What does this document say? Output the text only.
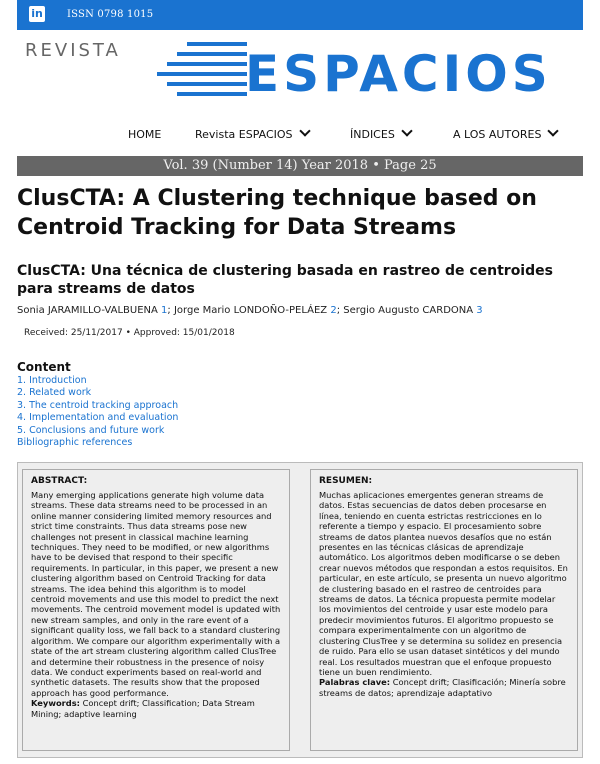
in ISSN 0798 1015
REVISTA ESPACIOS
HOME	Revista ESPACIOS	ÍNDICES	A LOS AUTORES
Vol. 39 (Number 14) Year 2018 • Page 25
ClusCTA: A Clustering technique based on Centroid Tracking for Data Streams
ClusCTA: Una técnica de clustering basada en rastreo de centroides para streams de datos
Sonia JARAMILLO-VALBUENA 1; Jorge Mario LONDOÑO-PELÁEZ 2; Sergio Augusto CARDONA 3
Received: 25/11/2017 • Approved: 15/01/2018
Content
1. Introduction
2. Related work
3. The centroid tracking approach
4. Implementation and evaluation
5. Conclusions and future work
Bibliographic references
ABSTRACT:
Many emerging applications generate high volume data streams. These data streams need to be processed in an online manner considering limited memory resources and strict time constraints. Thus data streams pose new challenges not present in classical machine learning techniques. They need to be modified, or new algorithms have to be devised that respond to their specific requirements. In particular, in this paper, we present a new clustering algorithm based on Centroid Tracking for data streams. The idea behind this algorithm is to model centroid movements and use this model to predict the next movements. The centroid movement model is updated with new stream samples, and only in the rare event of a significant quality loss, we fall back to a standard clustering algorithm. We compare our algorithm experimentally with a state of the art stream clustering algorithm called ClusTree and determine their robustness in the presence of noisy data. We conduct experiments based on real-world and synthetic datasets. The results show that the proposed approach has good performance.
Keywords: Concept drift; Classification; Data Stream Mining; adaptive learning
RESUMEN:
Muchas aplicaciones emergentes generan streams de datos. Estas secuencias de datos deben procesarse en línea, teniendo en cuenta estrictas restricciones en lo referente a tiempo y espacio. El procesamiento sobre streams de datos plantea nuevos desafíos que no están presentes en las técnicas clásicas de aprendizaje automático. Los algoritmos deben modificarse o se deben crear nuevos métodos que respondan a estos requisitos. En particular, en este artículo, se presenta un nuevo algoritmo de clustering basado en el rastreo de centroides para streams de datos. La técnica propuesta permite modelar los movimientos del centroide y usar este modelo para predecir movimientos futuros. El algoritmo propuesto se compara experimentalmente con un algoritmo de clustering ClusTree y se determina su solidez en presencia de ruido. Para ello se usan dataset sintéticos y del mundo real. Los resultados muestran que el enfoque propuesto tiene un buen rendimiento.
Palabras clave: Concept drift; Clasificación; Minería sobre streams de datos; aprendizaje adaptativo
